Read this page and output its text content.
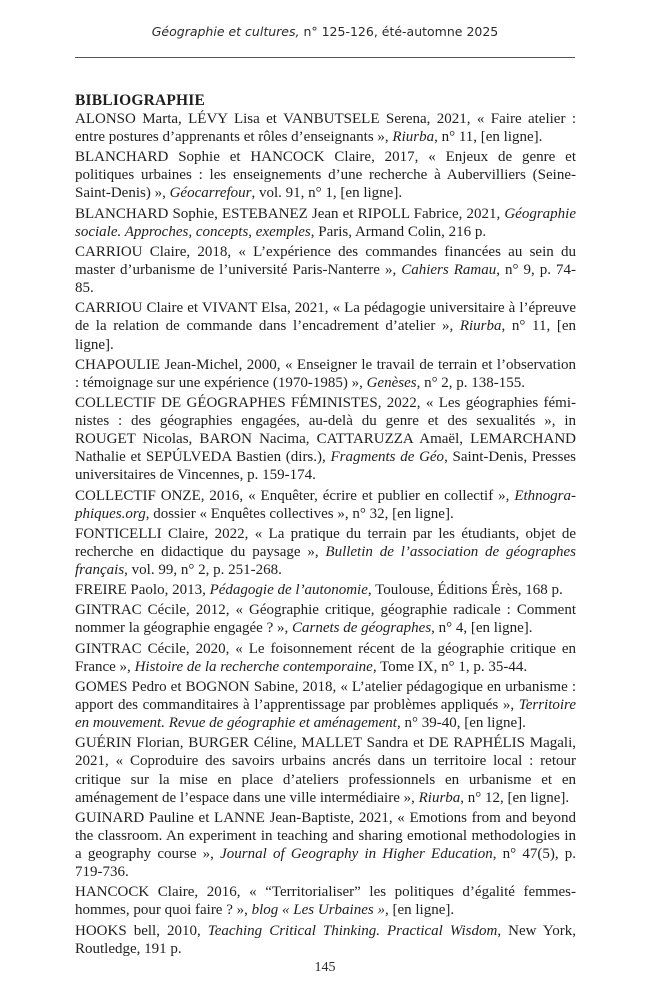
Géographie et cultures, n° 125-126, été-automne 2025
BIBLIOGRAPHIE

ALONSO Marta, LÉVY Lisa et VANBUTSELE Serena, 2021, « Faire atelier : entre postures d’apprenants et rôles d’enseignants », Riurba, n° 11, [en ligne].

BLANCHARD Sophie et HANCOCK Claire, 2017, « Enjeux de genre et politiques urbaines : les enseignements d’une recherche à Aubervilliers (Seine-Saint-Denis) », Géocarrefour, vol. 91, n° 1, [en ligne].

BLANCHARD Sophie, ESTEBANEZ Jean et RIPOLL Fabrice, 2021, Géographie sociale. Approches, concepts, exemples, Paris, Armand Colin, 216 p.

CARRIOU Claire, 2018, « L’expérience des commandes financées au sein du master d’urbanisme de l’université Paris-Nanterre », Cahiers Ramau, n° 9, p. 74-85.

CARRIOU Claire et VIVANT Elsa, 2021, « La pédagogie universitaire à l’épreuve de la relation de commande dans l’encadrement d’atelier », Riurba, n° 11, [en ligne].

CHAPOULIE Jean-Michel, 2000, « Enseigner le travail de terrain et l’observation : témoignage sur une expérience (1970-1985) », Genèses, n° 2, p. 138-155.

COLLECTIF DE GÉOGRAPHES FÉMINISTES, 2022, « Les géographies féministes : des géographies engagées, au-delà du genre et des sexualités », in ROUGET Nicolas, BARON Nacima, CATTARUZZA Amaël, LEMARCHAND Nathalie et SEPÚLVEDA Bastien (dirs.), Fragments de Géo, Saint-Denis, Presses universitaires de Vincennes, p. 159-174.

COLLECTIF ONZE, 2016, « Enquêter, écrire et publier en collectif », Ethnographiques.org, dossier « Enquêtes collectives », n° 32, [en ligne].

FONTICELLI Claire, 2022, « La pratique du terrain par les étudiants, objet de recherche en didactique du paysage », Bulletin de l’association de géographes français, vol. 99, n° 2, p. 251-268.

FREIRE Paolo, 2013, Pédagogie de l’autonomie, Toulouse, Éditions Érès, 168 p.

GINTRAC Cécile, 2012, « Géographie critique, géographie radicale : Comment nommer la géographie engagée ? », Carnets de géographes, n° 4, [en ligne].

GINTRAC Cécile, 2020, « Le foisonnement récent de la géographie critique en France », Histoire de la recherche contemporaine, Tome IX, n° 1, p. 35-44.

GOMES Pedro et BOGNON Sabine, 2018, « L’atelier pédagogique en urbanisme : apport des commanditaires à l’apprentissage par problèmes appliqués », Territoire en mouvement. Revue de géographie et aménagement, n° 39-40, [en ligne].

GUÉRIN Florian, BURGER Céline, MALLET Sandra et DE RAPHÉLIS Magali, 2021, « Coproduire des savoirs urbains ancrés dans un territoire local : retour critique sur la mise en place d’ateliers professionnels en urbanisme et en aménagement de l’espace dans une ville intermédiaire », Riurba, n° 12, [en ligne].

GUINARD Pauline et LANNE Jean-Baptiste, 2021, « Emotions from and beyond the classroom. An experiment in teaching and sharing emotional methodologies in a geography course », Journal of Geography in Higher Education, n° 47(5), p. 719-736.

HANCOCK Claire, 2016, « “Territorialiser” les politiques d’égalité femmes-hommes, pour quoi faire ? », blog « Les Urbaines », [en ligne].

HOOKS bell, 2010, Teaching Critical Thinking. Practical Wisdom, New York, Routledge, 191 p.

145
